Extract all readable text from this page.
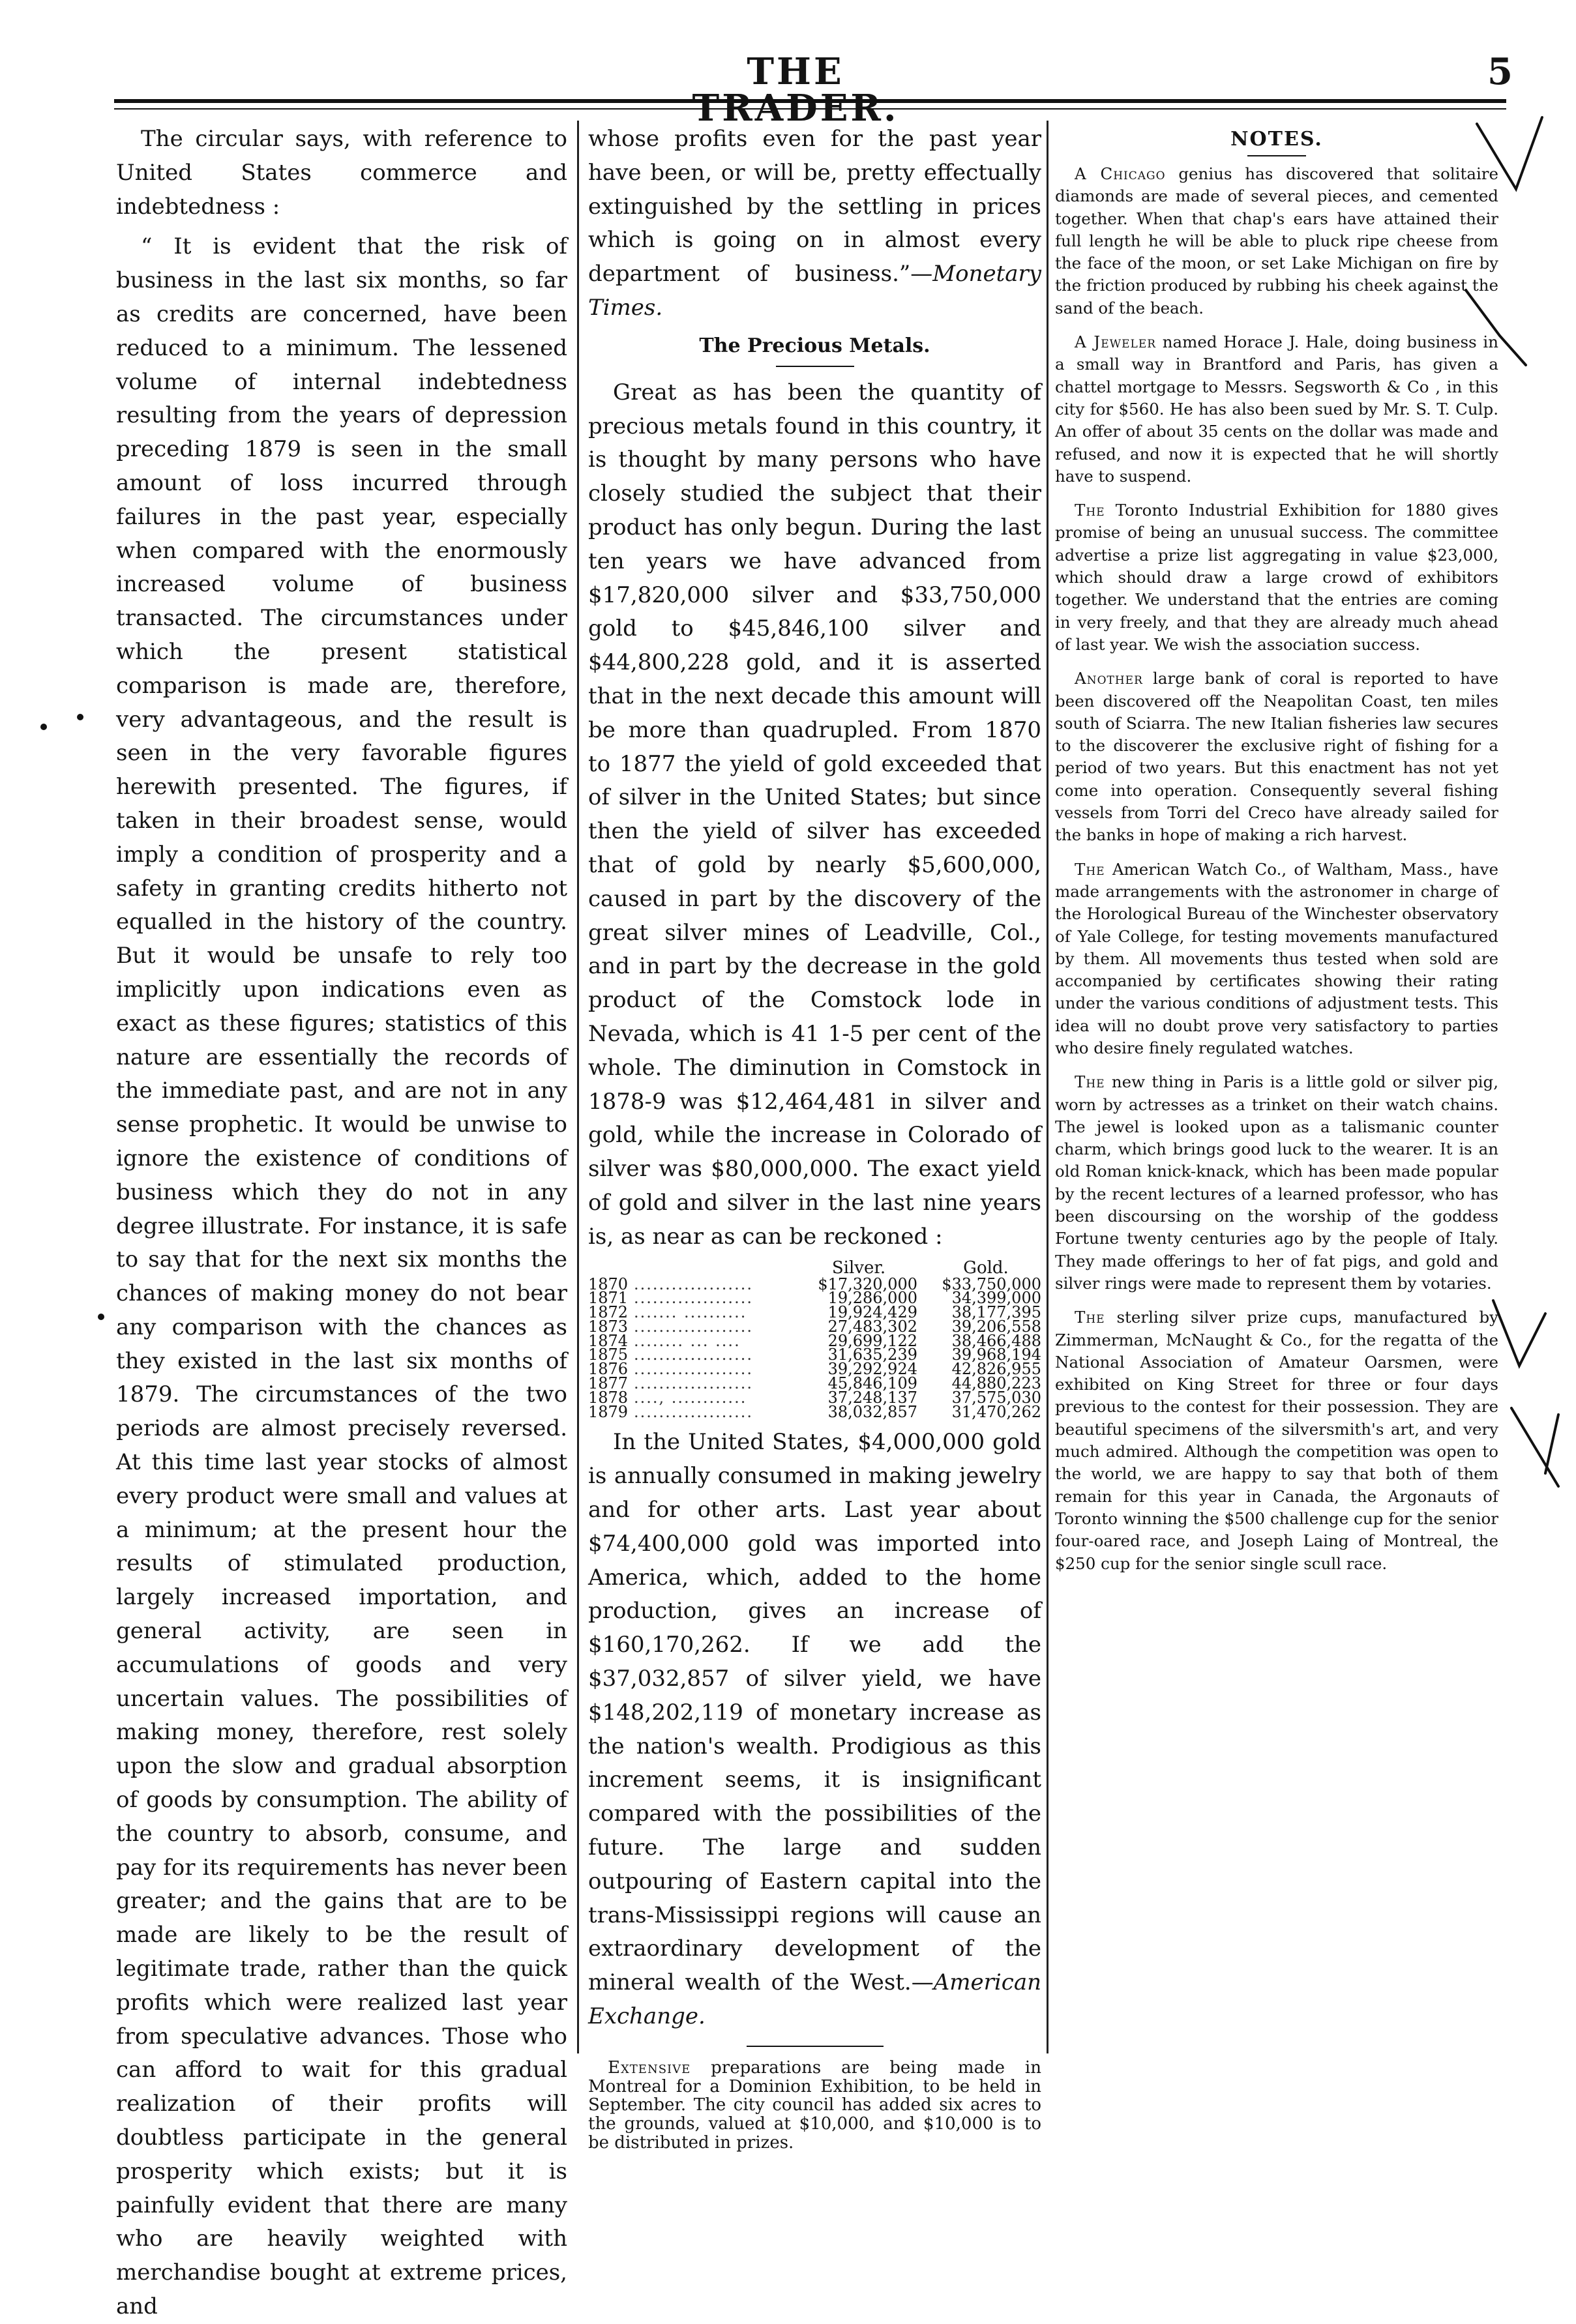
THE	5

The circular says, with reference to United States commerce and indebtedness :

“ It is evident that the risk of business in the last six months, so far as credits are concerned, have been reduced to a minimum. The lessened volume of internal indebtedness resulting from the years of depression preceding 1879 is seen in the small amount of loss incurred through failures in the past year, especially when compared with the enormously increased volume of business transacted. The circumstances under which the present statistical comparison is made are, therefore, very advantageous, and the result is seen in the very favorable figures herewith presented. The figures, if taken in their broadest sense, would imply a condition of prosperity and a safety in granting credits hitherto not equalled in the history of the country. But it would be unsafe to rely too implicitly upon indications even as exact as these figures; statistics of this nature are essentially the records of the immediate past, and are not in any sense prophetic. It would be unwise to ignore the existence of conditions of business which they do not in any degree illustrate. For instance, it is safe to say that for the next six months the chances of making money do not bear any comparison with the chances as they existed in the last six months of 1879. The circumstances of the two periods are almost precisely reversed. At this time last year stocks of almost every product were small and values at a minimum; at the present hour the results of stimulated production, largely increased importation, and general activity, are seen in accumulations of goods and very uncertain values. The possibilities of making money, therefore, rest solely upon the slow and gradual absorption of goods by consumption. The ability of the country to absorb, consume, and pay for its requirements has never been greater; and the gains that are to be made are likely to be the result of legitimate trade, rather than the quick profits which were realized last year from speculative advances. Those who can afford to wait for this gradual realization of their profits will doubtless participate in the general prosperity which exists; but it is painfully evident that there are many who are heavily weighted with merchandise bought at extreme prices, and

whose profits even for the past year have been, or will be, pretty effectually extinguished by the settling in prices which is going on in almost every department of business.”—Monetary Times.

The Precious Metals.

Great as has been the quantity of precious metals found in this country, it is thought by many persons who have closely studied the subject that their product has only begun. During the last ten years we have advanced from $17,820,000 silver and $33,750,000 gold to $45,846,100 silver and $44,800,228 gold, and it is asserted that in the next decade this amount will be more than quadrupled. From 1870 to 1877 the yield of gold exceeded that of silver in the United States; but since then the yield of silver has exceeded that of gold by nearly $5,600,000, caused in part by the discovery of the great silver mines of Leadville, Col., and in part by the decrease in the gold product of the Comstock lode in Nevada, which is 41 1-5 per cent of the whole. The diminution in Comstock in 1878-9 was $12,464,481 in silver and gold, while the increase in Colorado of silver was $80,000,000. The exact yield of gold and silver in the last nine years is, as near as can be reckoned :

Silver.	Gold.
1870 ...................	$17,320,000	$33,750,000
1871 ...................	19,286,000	34,399,000
1872 ....... ..........	19,924,429	38,177,395
1873 ...................	27,483,302	39,206,558
1874 ........ ... ....	29,699,122	38,466,488
1875 ...................	31,635,239	39,968,194
1876 ...................	39,292,924	42,826,955
1877 ...................	45,846,109	44,880,223
1878 ...., ............	37,248,137	37,575,030
1879 ...................	38,032,857	31,470,262

In the United States, $4,000,000 gold is annually consumed in making jewelry and for other arts. Last year about $74,400,000 gold was imported into America, which, added to the home production, gives an increase of $160,170,262. If we add the $37,032,857 of silver yield, we have $148,202,119 of monetary increase as the nation's wealth. Prodigious as this increment seems, it is insignificant compared with the possibilities of the future. The large and sudden outpouring of Eastern capital into the trans-Mississippi regions will cause an extraordinary development of the mineral wealth of the West.—American Exchange.

Extensive preparations are being made in Montreal for a Dominion Exhibition, to be held in September. The city council has added six acres to the grounds, valued at $10,000, and $10,000 is to be distributed in prizes.

NOTES.

A Chicago genius has discovered that solitaire diamonds are made of several pieces, and cemented together. When that chap's ears have attained their full length he will be able to pluck ripe cheese from the face of the moon, or set Lake Michigan on fire by the friction produced by rubbing his cheek against the sand of the beach.

A Jeweler named Horace J. Hale, doing business in a small way in Brantford and Paris, has given a chattel mortgage to Messrs. Segsworth & Co , in this city for $560. He has also been sued by Mr. S. T. Culp. An offer of about 35 cents on the dollar was made and refused, and now it is expected that he will shortly have to suspend.

The Toronto Industrial Exhibition for 1880 gives promise of being an unusual success. The committee advertise a prize list aggregating in value $23,000, which should draw a large crowd of exhibitors together. We understand that the entries are coming in very freely, and that they are already much ahead of last year. We wish the association success.

Another large bank of coral is reported to have been discovered off the Neapolitan Coast, ten miles south of Sciarra. The new Italian fisheries law secures to the discoverer the exclusive right of fishing for a period of two years. But this enactment has not yet come into operation. Consequently several fishing vessels from Torri del Creco have already sailed for the banks in hope of making a rich harvest.

The American Watch Co., of Waltham, Mass., have made arrangements with the astronomer in charge of the Horological Bureau of the Winchester observatory of Yale College, for testing movements manufactured by them. All movements thus tested when sold are accompanied by certificates showing their rating under the various conditions of adjustment tests. This idea will no doubt prove very satisfactory to parties who desire finely regulated watches.

The new thing in Paris is a little gold or silver pig, worn by actresses as a trinket on their watch chains. The jewel is looked upon as a talismanic counter charm, which brings good luck to the wearer. It is an old Roman knick-knack, which has been made popular by the recent lectures of a learned professor, who has been discoursing on the worship of the goddess Fortune twenty centuries ago by the people of Italy. They made offerings to her of fat pigs, and gold and silver rings were made to represent them by votaries.

The sterling silver prize cups, manufactured by Zimmerman, McNaught & Co., for the regatta of the National Association of Amateur Oarsmen, were exhibited on King Street for three or four days previous to the contest for their possession. They are beautiful specimens of the silversmith's art, and very much admired. Although the competition was open to the world, we are happy to say that both of them remain for this year in Canada, the Argonauts of Toronto winning the $500 challenge cup for the senior four-oared race, and Joseph Laing of Montreal, the $250 cup for the senior single scull race.
